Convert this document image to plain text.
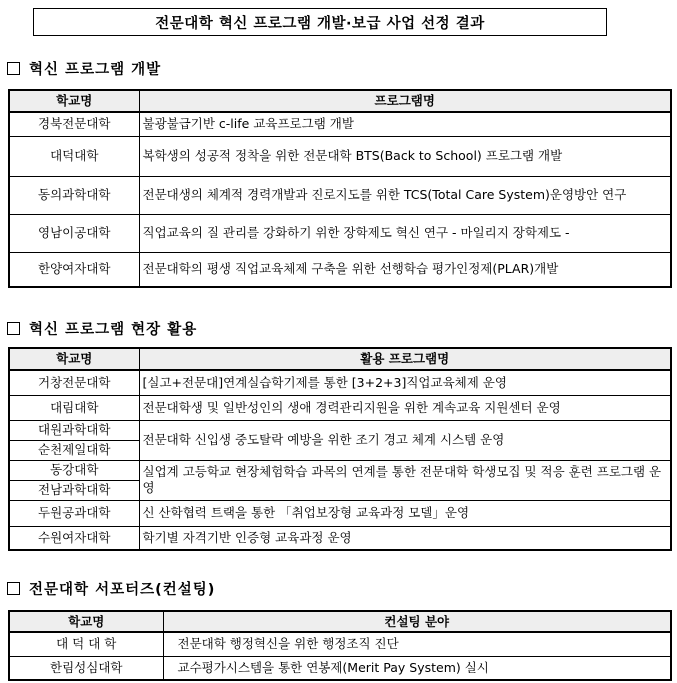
전문대학 혁신 프로그램 개발·보급 사업 선정 결과
혁신 프로그램 개발
학교명	프로그램명
경북전문대학	불광불급기반 c-life 교육프로그램 개발
대덕대학	복학생의 성공적 정착을 위한 전문대학 BTS(Back to School) 프로그램 개발
동의과학대학	전문대생의 체계적 경력개발과 진로지도를 위한 TCS(Total Care System)운영방안 연구
영남이공대학	직업교육의 질 관리를 강화하기 위한 장학제도 혁신 연구 - 마일리지 장학제도 -
한양여자대학	전문대학의 평생 직업교육체제 구축을 위한 선행학습 평가인정제(PLAR)개발
혁신 프로그램 현장 활용
학교명	활용 프로그램명
거창전문대학	[실고+전문대]연계실습학기제를 통한 [3+2+3]직업교육체제 운영
대림대학	전문대학생 및 일반성인의 생애 경력관리지원을 위한 계속교육 지원센터 운영
대원과학대학	전문대학 신입생 중도탈락 예방을 위한 조기 경고 체계 시스템 운영
순천제일대학	
동강대학	실업계 고등학교 현장체험학습 과목의 연계를 통한 전문대학 학생모집 및 적응 훈련 프로그램 운영
전남과학대학	
두원공과대학	신 산학협력 트랙을 통한 「취업보장형 교육과정 모델」운영
수원여자대학	학기별 자격기반 인증형 교육과정 운영
전문대학 서포터즈(컨설팅)
학교명	컨설팅 분야
대 덕 대 학	전문대학 행정혁신을 위한 행정조직 진단
한림성심대학	교수평가시스템을 통한 연봉제(Merit Pay System) 실시
